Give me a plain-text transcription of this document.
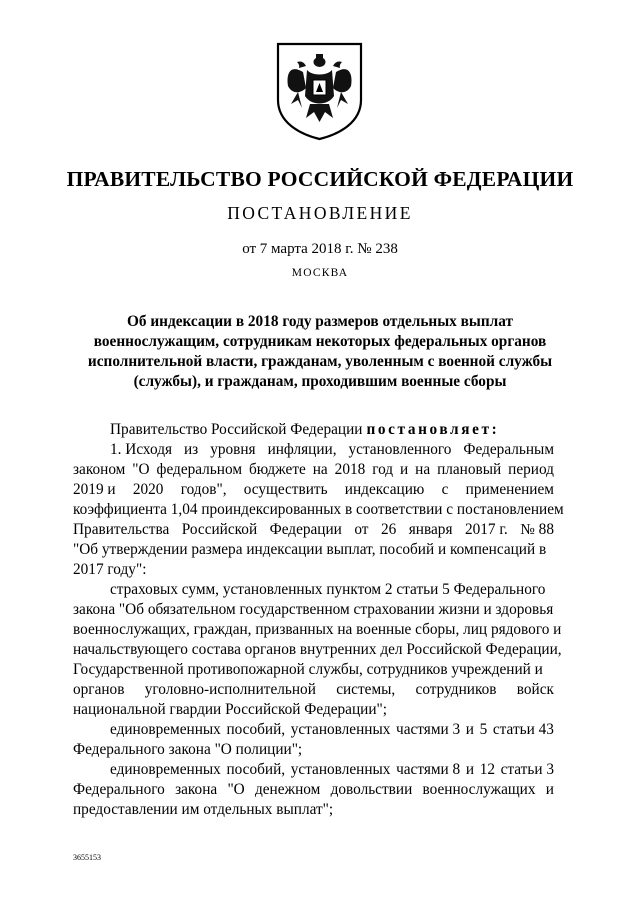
ПРАВИТЕЛЬСТВО РОССИЙСКОЙ ФЕДЕРАЦИИ
ПОСТАНОВЛЕНИЕ
от 7 марта 2018 г. № 238
МОСКВА
Об индексации в 2018 году размеров отдельных выплат
военнослужащим, сотрудникам некоторых федеральных органов
исполнительной власти, гражданам, уволенным с военной службы
(службы), и гражданам, проходившим военные сборы
Правительство Российской Федерации постановляет:
1. Исходя из уровня инфляции, установленного Федеральным
законом "О федеральном бюджете на 2018 год и на плановый период
2019 и 2020 годов", осуществить индексацию с применением
коэффициента 1,04 проиндексированных в соответствии с постановлением
Правительства Российской Федерации от 26 января 2017 г. № 88
"Об утверждении размера индексации выплат, пособий и компенсаций в
2017 году":
страховых сумм, установленных пунктом 2 статьи 5 Федерального
закона "Об обязательном государственном страховании жизни и здоровья
военнослужащих, граждан, призванных на военные сборы, лиц рядового и
начальствующего состава органов внутренних дел Российской Федерации,
Государственной противопожарной службы, сотрудников учреждений и
органов уголовно-исполнительной системы, сотрудников войск
национальной гвардии Российской Федерации";
единовременных пособий, установленных частями 3 и 5 статьи 43
Федерального закона "О полиции";
единовременных пособий, установленных частями 8 и 12 статьи 3
Федерального закона "О денежном довольствии военнослужащих и
предоставлении им отдельных выплат";
3655153
